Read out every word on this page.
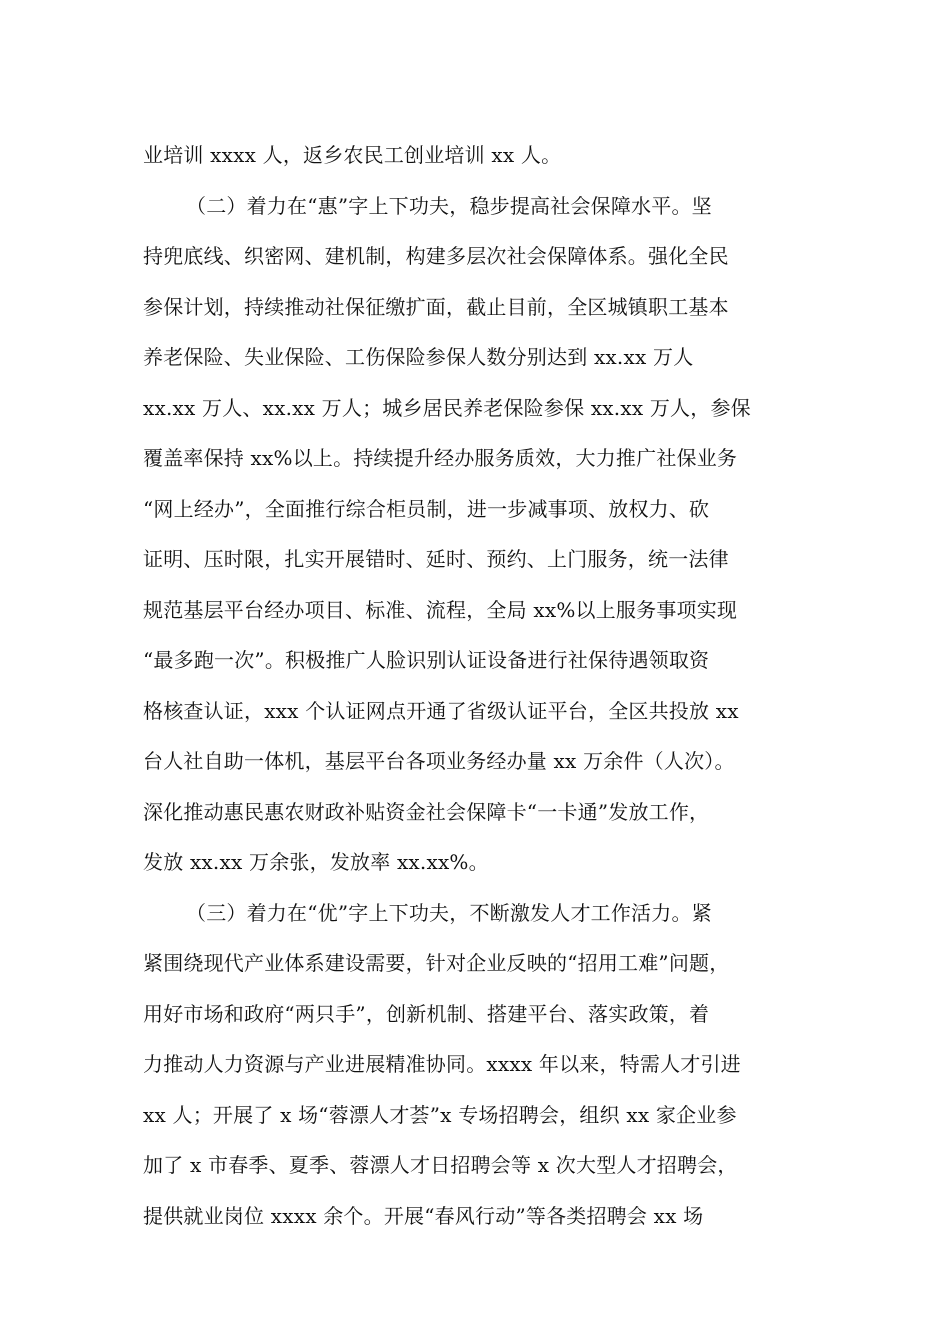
业培训 xxxx 人，返乡农民工创业培训 xx 人。
（二）着力在“惠”字上下功夫，稳步提高社会保障水平。坚
持兜底线、织密网、建机制，构建多层次社会保障体系。强化全民
参保计划，持续推动社保征缴扩面，截止目前，全区城镇职工基本
养老保险、失业保险、工伤保险参保人数分别达到 xx.xx 万人
xx.xx 万人、xx.xx 万人；城乡居民养老保险参保 xx.xx 万人，参保
覆盖率保持 xx%以上。持续提升经办服务质效，大力推广社保业务
“网上经办”，全面推行综合柜员制，进一步减事项、放权力、砍
证明、压时限，扎实开展错时、延时、预约、上门服务，统一法律
规范基层平台经办项目、标准、流程，全局 xx%以上服务事项实现
“最多跑一次”。积极推广人脸识别认证设备进行社保待遇领取资
格核查认证，xxx 个认证网点开通了省级认证平台，全区共投放 xx
台人社自助一体机，基层平台各项业务经办量 xx 万余件（人次）。
深化推动惠民惠农财政补贴资金社会保障卡“一卡通”发放工作，
发放 xx.xx 万余张，发放率 xx.xx%。
（三）着力在“优”字上下功夫，不断激发人才工作活力。紧
紧围绕现代产业体系建设需要，针对企业反映的“招用工难”问题，
用好市场和政府“两只手”，创新机制、搭建平台、落实政策，着
力推动人力资源与产业进展精准协同。xxxx 年以来，特需人才引进
xx 人；开展了 x 场“蓉漂人才荟”x 专场招聘会，组织 xx 家企业参
加了 x 市春季、夏季、蓉漂人才日招聘会等 x 次大型人才招聘会，
提供就业岗位 xxxx 余个。开展“春风行动”等各类招聘会 xx 场
